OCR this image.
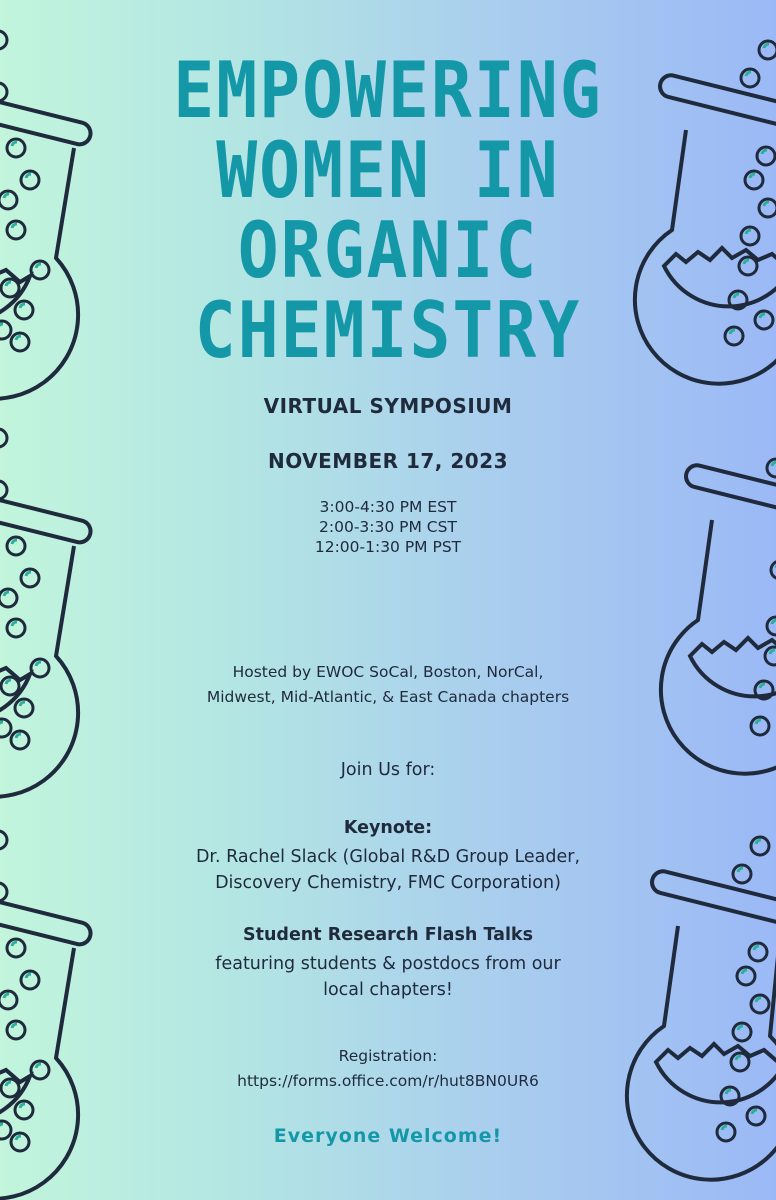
EMPOWERING
WOMEN IN
ORGANIC
CHEMISTRY
VIRTUAL SYMPOSIUM
NOVEMBER 17, 2023
3:00-4:30 PM EST
2:00-3:30 PM CST
12:00-1:30 PM PST
Hosted by EWOC SoCal, Boston, NorCal,
Midwest, Mid-Atlantic, & East Canada chapters
Join Us for:
Keynote:
Dr. Rachel Slack (Global R&D Group Leader,
Discovery Chemistry, FMC Corporation)
Student Research Flash Talks
featuring students & postdocs from our
local chapters!
Registration:
https://forms.office.com/r/hut8BN0UR6
Everyone Welcome!
